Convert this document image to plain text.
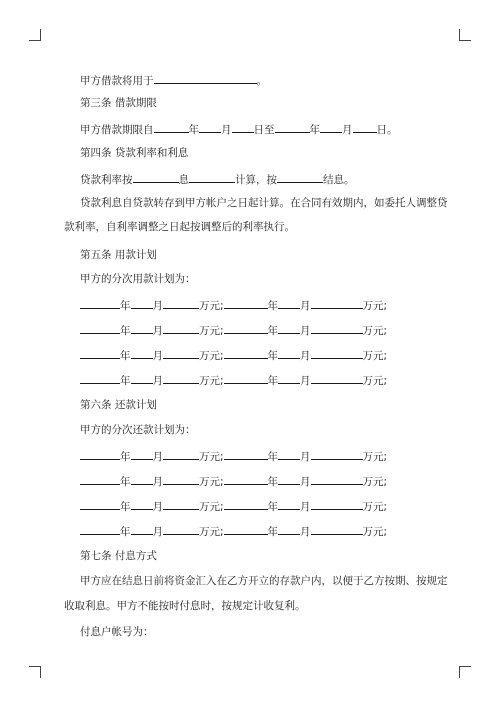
甲方借款将用于	。
第三条 借款期限
甲方借款期限自	年 月 日至	年 月 日。
第四条 贷款利率和利息
贷款利率按	息	计算，按	结息。
贷款利息自贷款转存到甲方帐户之日起计算。在合同有效期内，如委托人调整贷
款利率，自利率调整之日起按调整后的利率执行。
第五条 用款计划
甲方的分次用款计划为：
年 月	万元;	年 月	万元;
年 月	万元;	年 月	万元;
年 月	万元;	年 月	万元;
年 月	万元;	年 月	万元;
第六条 还款计划
甲方的分次还款计划为：
年 月	万元;	年 月	万元;
年 月	万元;	年 月	万元;
年 月	万元;	年 月	万元;
年 月	万元;	年 月	万元;
第七条 付息方式
甲方应在结息日前将资金汇入在乙方开立的存款户内，以便于乙方按期、按规定
收取利息。甲方不能按时付息时，按规定计收复利。
付息户帐号为：
